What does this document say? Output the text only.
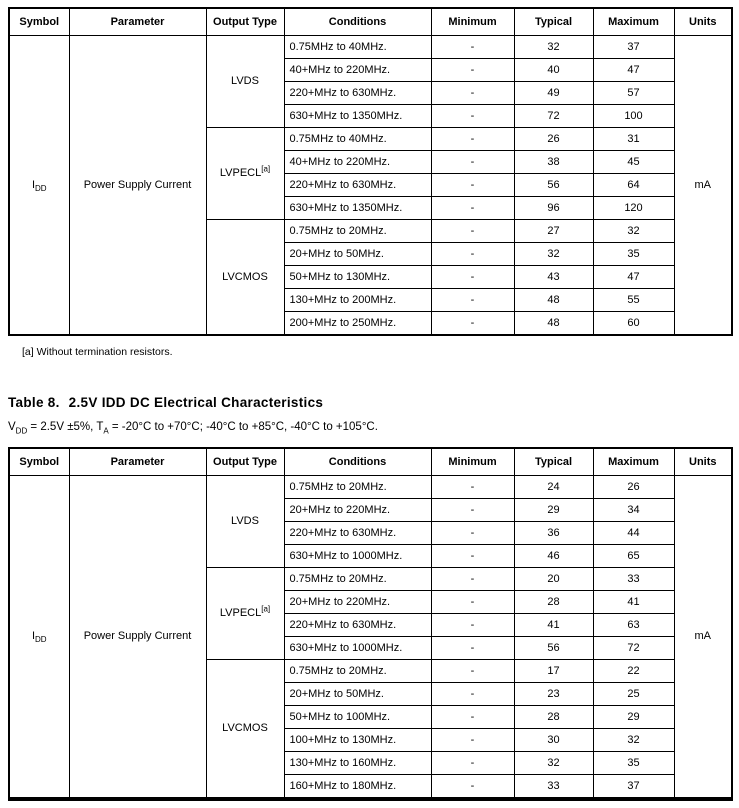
Symbol	Parameter	Output Type	Conditions	Minimum	Typical	Maximum	Units
$I_{DD}$	Power Supply Current	LVDS	0.75MHz to 40MHz.	-	32	37	mA
			40+MHz to 220MHz.	-	40	47	
			220+MHz to 630MHz.	-	49	57	
			630+MHz to 1350MHz.	-	72	100	
		LVPECL[a]	0.75MHz to 40MHz.	-	26	31	
			40+MHz to 220MHz.	-	38	45	
			220+MHz to 630MHz.	-	56	64	
			630+MHz to 1350MHz.	-	96	120	
		LVCMOS	0.75MHz to 20MHz.	-	27	32	
			20+MHz to 50MHz.	-	32	35	
			50+MHz to 130MHz.	-	43	47	
			130+MHz to 200MHz.	-	48	55	
			200+MHz to 250MHz.	-	48	60	
[a] Without termination resistors.
Table 8. 2.5V IDD DC Electrical Characteristics
$V_{DD} = 2.5V \pm 5\%$, $T_A = -20^\circ C$ to +70°C; -40°C to +85°C, -40°C to +105°C.
Symbol	Parameter	Output Type	Conditions	Minimum	Typical	Maximum	Units
$I_{DD}$	Power Supply Current	LVDS	0.75MHz to 20MHz.	-	24	26	mA
			20+MHz to 220MHz.	-	29	34	
			220+MHz to 630MHz.	-	36	44	
			630+MHz to 1000MHz.	-	46	65	
		LVPECL[a]	0.75MHz to 20MHz.	-	20	33	
			20+MHz to 220MHz.	-	28	41	
			220+MHz to 630MHz.	-	41	63	
			630+MHz to 1000MHz.	-	56	72	
		LVCMOS	0.75MHz to 20MHz.	-	17	22	
			20+MHz to 50MHz.	-	23	25	
			50+MHz to 100MHz.	-	28	29	
			100+MHz to 130MHz.	-	30	32	
			130+MHz to 160MHz.	-	32	35	
			160+MHz to 180MHz.	-	33	37	
